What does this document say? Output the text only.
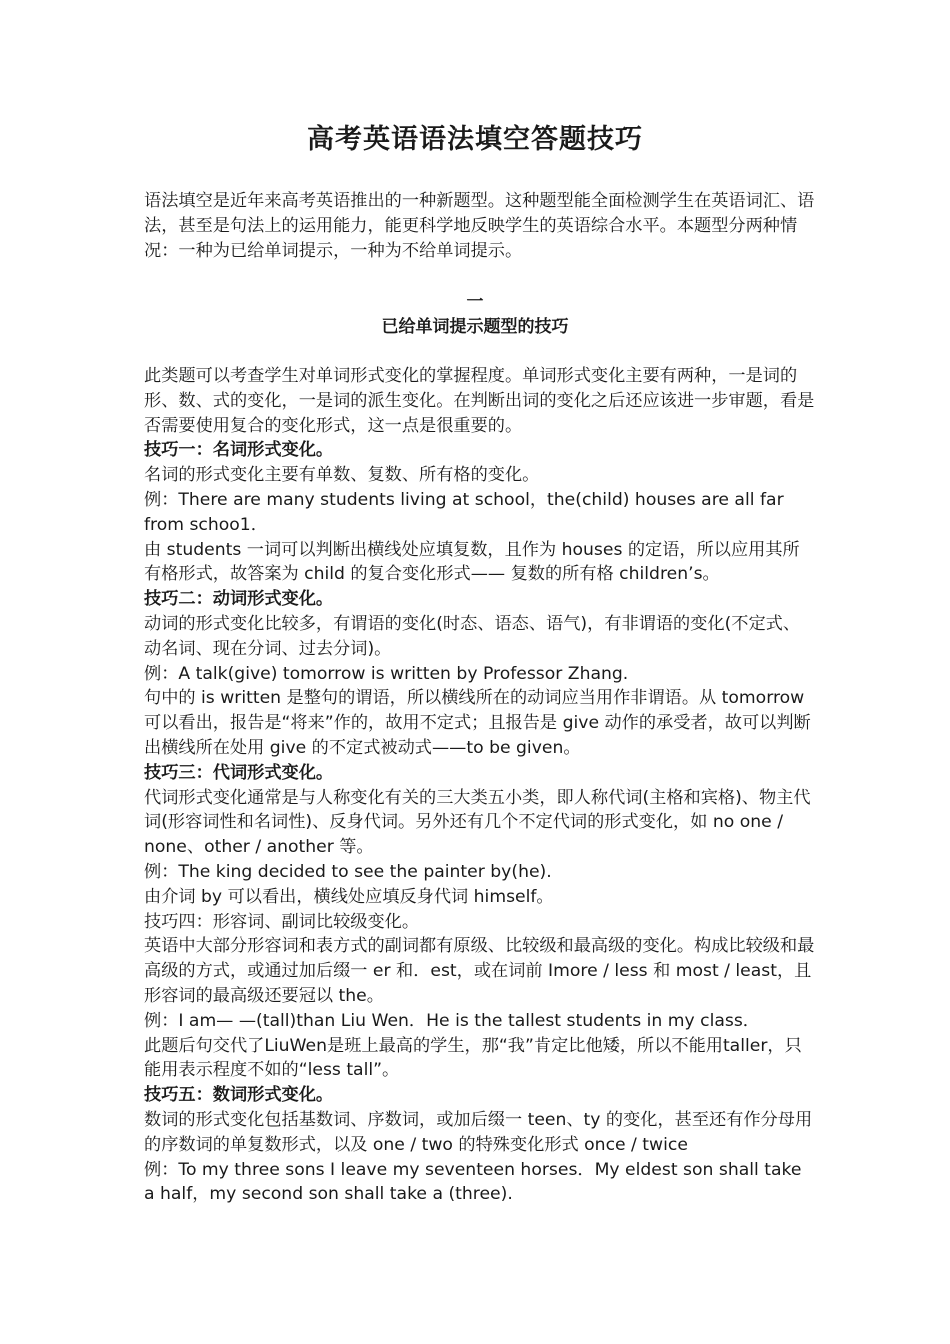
高考英语语法填空答题技巧

语法填空是近年来高考英语推出的一种新题型。这种题型能全面检测学生在英语词汇、语法，甚至是句法上的运用能力，能更科学地反映学生的英语综合水平。本题型分两种情况：一种为已给单词提示，一种为不给单词提示。

一
已给单词提示题型的技巧

此类题可以考查学生对单词形式变化的掌握程度。单词形式变化主要有两种，一是词的形、数、式的变化，一是词的派生变化。在判断出词的变化之后还应该进一步审题，看是否需要使用复合的变化形式，这一点是很重要的。

技巧一：名词形式变化。

名词的形式变化主要有单数、复数、所有格的变化。

例：There are many students living at school，the(child) houses are all far from schoo1．

由 students 一词可以判断出横线处应填复数，且作为 houses 的定语，所以应用其所有格形式，故答案为 child 的复合变化形式—— 复数的所有格 children’s。

技巧二：动词形式变化。

动词的形式变化比较多，有谓语的变化(时态、语态、语气)，有非谓语的变化(不定式、动名词、现在分词、过去分词)。

例：A talk(give) tomorrow is written by Professor Zhang.

句中的 is written 是整句的谓语，所以横线所在的动词应当用作非谓语。从 tomorrow 可以看出，报告是“将来”作的，故用不定式；且报告是 give 动作的承受者，故可以判断出横线所在处用 give 的不定式被动式——to be given。

技巧三：代词形式变化。

代词形式变化通常是与人称变化有关的三大类五小类，即人称代词(主格和宾格)、物主代词(形容词性和名词性)、反身代词。另外还有几个不定代词的形式变化，如 no one / none、other / another 等。

例：The king decided to see the painter by(he).

由介词 by 可以看出，横线处应填反身代词 himself。

技巧四：形容词、副词比较级变化。

英语中大部分形容词和表方式的副词都有原级、比较级和最高级的变化。构成比较级和最高级的方式，或通过加后缀一 er 和．est，或在词前 Imore / less 和 most / least，且形容词的最高级还要冠以 the。

例：I am— —(tall)than Liu Wen．He is the tallest students in my class．

此题后句交代了LiuWen是班上最高的学生，那“我”肯定比他矮，所以不能用taller，只能用表示程度不如的“less tall”。

技巧五：数词形式变化。

数词的形式变化包括基数词、序数词，或加后缀一 teen、ty 的变化，甚至还有作分母用的序数词的单复数形式，以及 one / two 的特殊变化形式 once / twice

例：To my three sons I leave my seventeen horses．My eldest son shall take a half，my second son shall take a (three).
